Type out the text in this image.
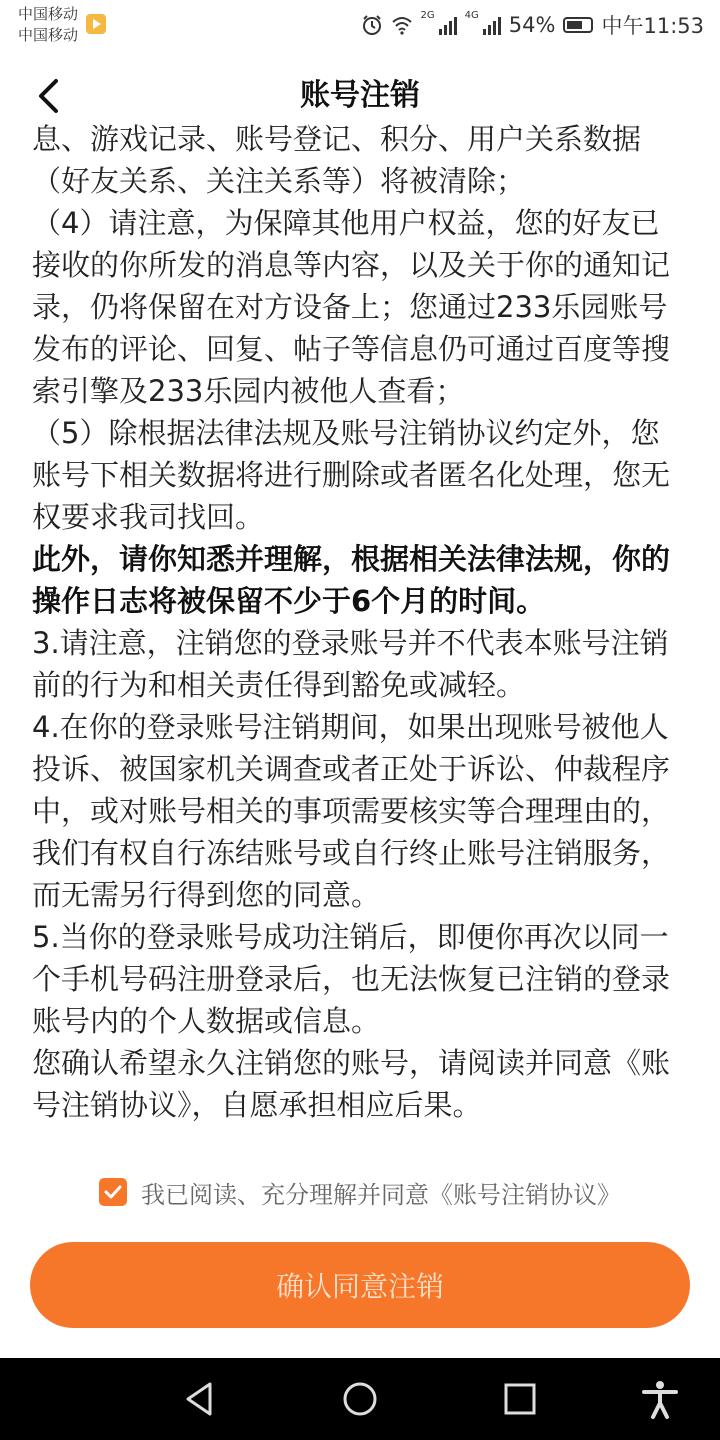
中国移动
中国移动
2G	4G 54% 中午11:53
账号注销

息、游戏记录、账号登记、积分、用户关系数据

（好友关系、关注关系等）将被清除；

（4）请注意，为保障其他用户权益，您的好友已接收的你所发的消息等内容，以及关于你的通知记录，仍将保留在对方设备上；您通过233乐园账号发布的评论、回复、帖子等信息仍可通过百度等搜索引擎及233乐园内被他人查看；

（5）除根据法律法规及账号注销协议约定外，您账号下相关数据将进行删除或者匿名化处理，您无权要求我司找回。

此外，请你知悉并理解，根据相关法律法规，你的操作日志将被保留不少于6个月的时间。

3.请注意，注销您的登录账号并不代表本账号注销前的行为和相关责任得到豁免或减轻。

4.在你的登录账号注销期间，如果出现账号被他人投诉、被国家机关调查或者正处于诉讼、仲裁程序中，或对账号相关的事项需要核实等合理理由的，我们有权自行冻结账号或自行终止账号注销服务，而无需另行得到您的同意。

5.当你的登录账号成功注销后，即便你再次以同一个手机号码注册登录后，也无法恢复已注销的登录账号内的个人数据或信息。

您确认希望永久注销您的账号，请阅读并同意《账号注销协议》，自愿承担相应后果。

我已阅读、充分理解并同意《账号注销协议》
确认同意注销
